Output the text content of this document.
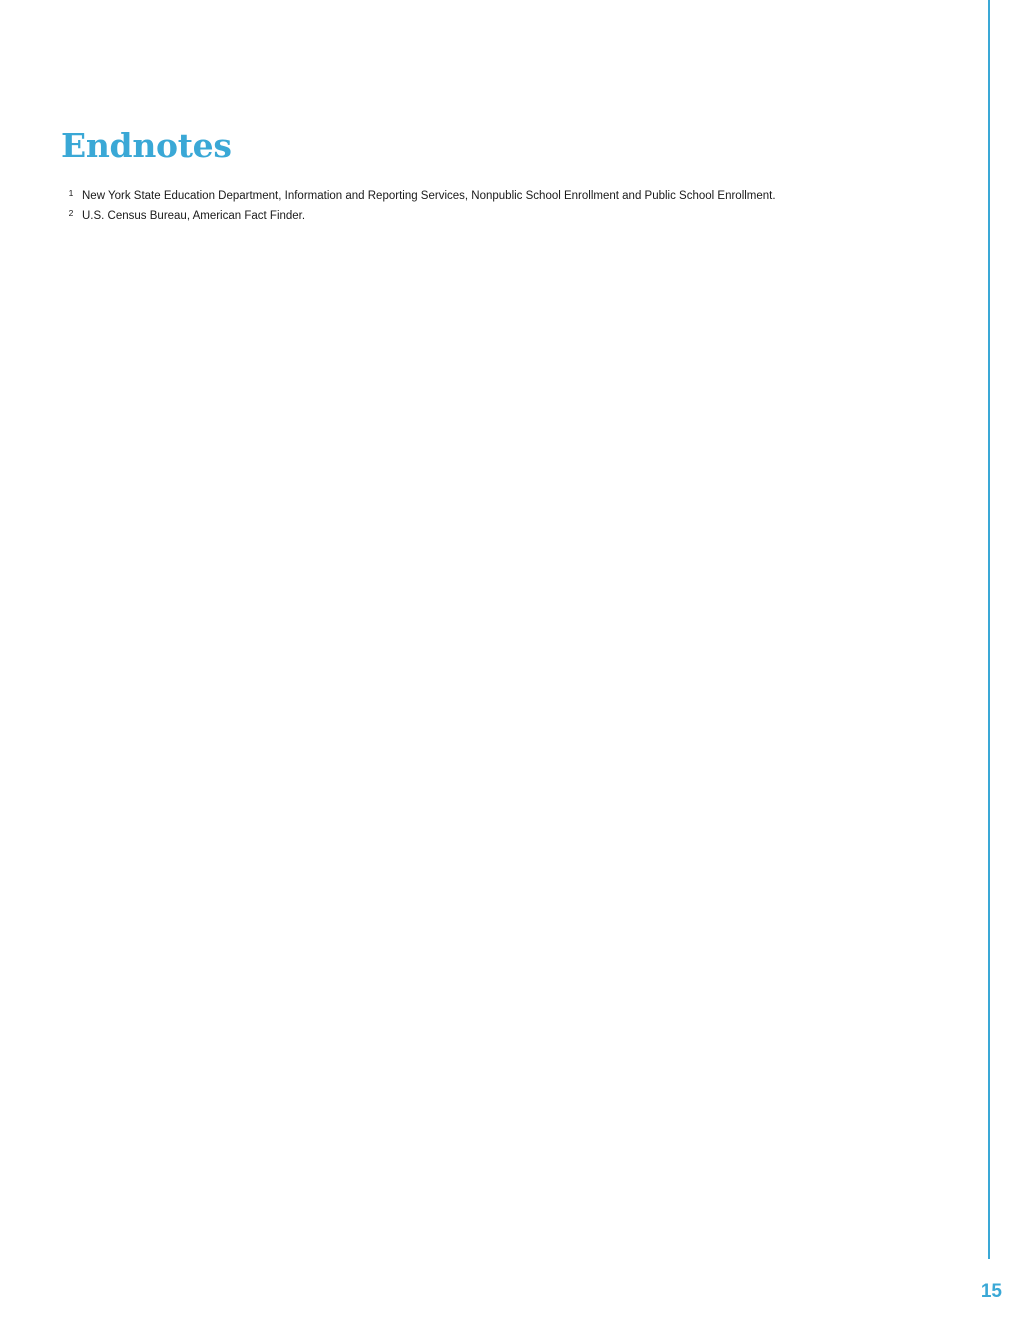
Endnotes
1 New York State Education Department, Information and Reporting Services, Nonpublic School Enrollment and Public School Enrollment.
2 U.S. Census Bureau, American Fact Finder.
15
